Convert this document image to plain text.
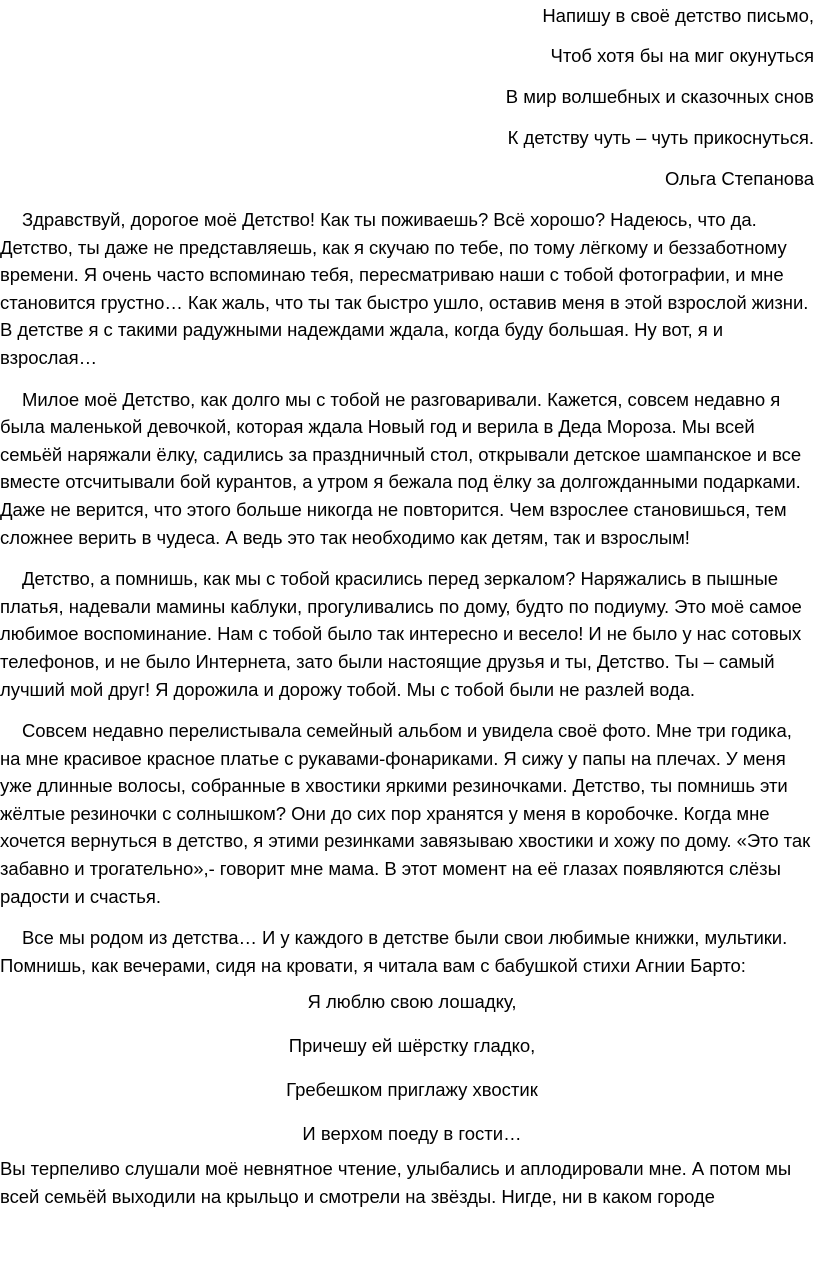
Напишу в своё детство письмо,
Чтоб хотя бы на миг окунуться
В мир волшебных и сказочных снов
К детству чуть – чуть прикоснуться.
Ольга Степанова

Здравствуй, дорогое моё Детство! Как ты поживаешь? Всё хорошо? Надеюсь, что да. Детство, ты даже не представляешь, как я скучаю по тебе, по тому лёгкому и беззаботному времени. Я очень часто вспоминаю тебя, пересматриваю наши с тобой фотографии, и мне становится грустно… Как жаль, что ты так быстро ушло, оставив меня в этой взрослой жизни. В детстве я с такими радужными надеждами ждала, когда буду большая. Ну вот, я и взрослая…

Милое моё Детство, как долго мы с тобой не разговаривали. Кажется, совсем недавно я была маленькой девочкой, которая ждала Новый год и верила в Деда Мороза. Мы всей семьёй наряжали ёлку, садились за праздничный стол, открывали детское шампанское и все вместе отсчитывали бой курантов, а утром я бежала под ёлку за долгожданными подарками. Даже не верится, что этого больше никогда не повторится. Чем взрослее становишься, тем сложнее верить в чудеса. А ведь это так необходимо как детям, так и взрослым!

Детство, а помнишь, как мы с тобой красились перед зеркалом? Наряжались в пышные платья, надевали мамины каблуки, прогуливались по дому, будто по подиуму. Это моё самое любимое воспоминание. Нам с тобой было так интересно и весело! И не было у нас сотовых телефонов, и не было Интернета, зато были настоящие друзья и ты, Детство. Ты – самый лучший мой друг! Я дорожила и дорожу тобой. Мы с тобой были не разлей вода.

Совсем недавно перелистывала семейный альбом и увидела своё фото. Мне три годика, на мне красивое красное платье с рукавами-фонариками. Я сижу у папы на плечах. У меня уже длинные волосы, собранные в хвостики яркими резиночками. Детство, ты помнишь эти жёлтые резиночки с солнышком? Они до сих пор хранятся у меня в коробочке. Когда мне хочется вернуться в детство, я этими резинками завязываю хвостики и хожу по дому. «Это так забавно и трогательно»,- говорит мне мама. В этот момент на её глазах появляются слёзы радости и счастья.

Все мы родом из детства… И у каждого в детстве были свои любимые книжки, мультики. Помнишь, как вечерами, сидя на кровати, я читала вам с бабушкой стихи Агнии Барто:

Я люблю свою лошадку,
Причешу ей шёрстку гладко,
Гребешком приглажу хвостик
И верхом поеду в гости…

Вы терпеливо слушали моё невнятное чтение, улыбались и аплодировали мне. А потом мы всей семьёй выходили на крыльцо и смотрели на звёзды. Нигде, ни в каком городе
